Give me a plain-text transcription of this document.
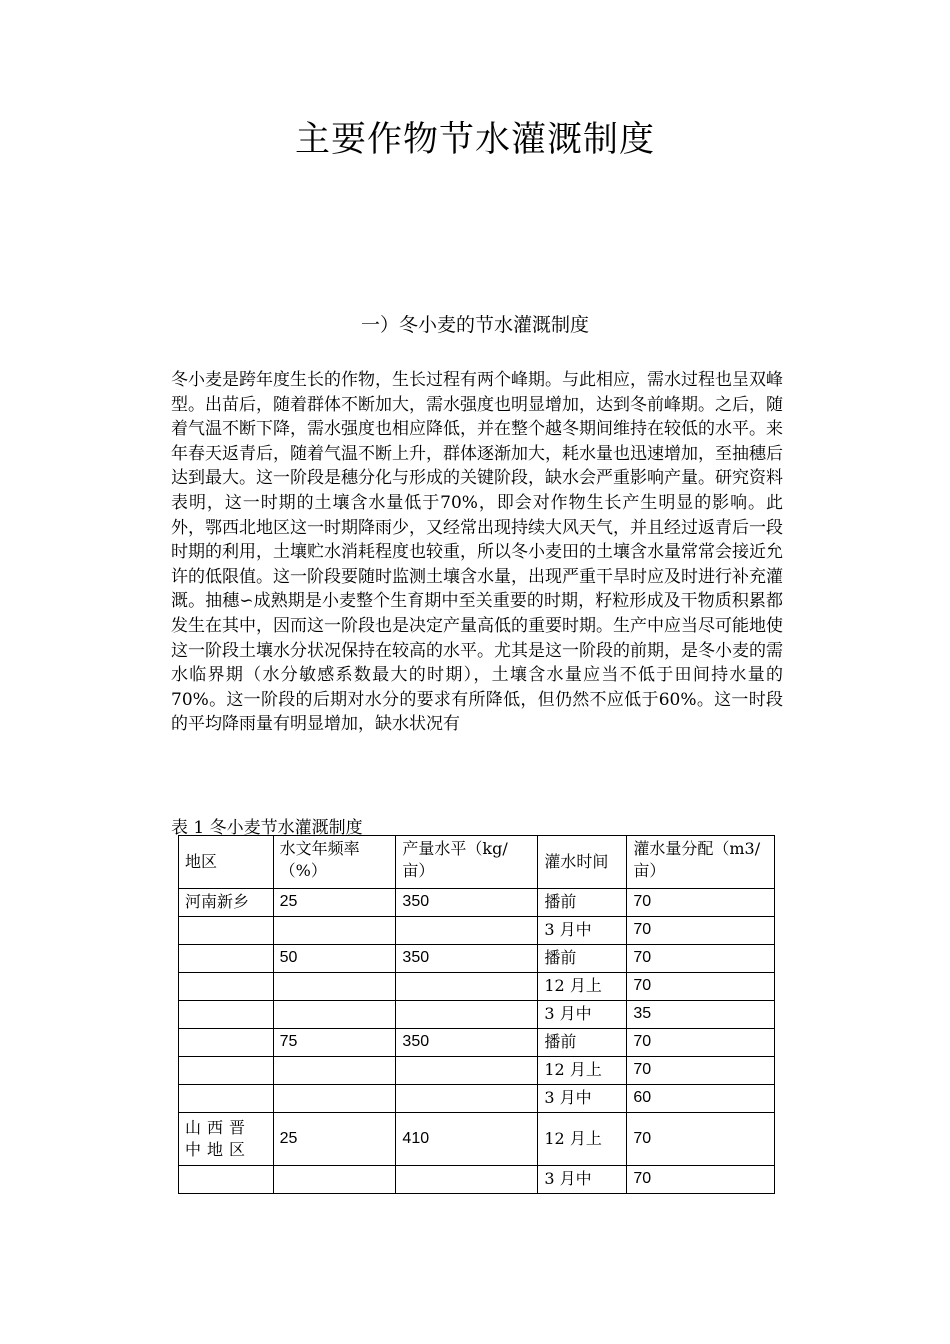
主要作物节水灌溉制度
一）冬小麦的节水灌溉制度

冬小麦是跨年度生长的作物，生长过程有两个峰期。与此相应，需水过程也呈双峰型。出苗后，随着群体不断加大，需水强度也明显增加，达到冬前峰期。之后，随着气温不断下降，需水强度也相应降低，并在整个越冬期间维持在较低的水平。来年春天返青后，随着气温不断上升，群体逐渐加大，耗水量也迅速增加，至抽穗后达到最大。这一阶段是穗分化与形成的关键阶段，缺水会严重影响产量。研究资料表明，这一时期的土壤含水量低于70%，即会对作物生长产生明显的影响。此外，鄂西北地区这一时期降雨少，又经常出现持续大风天气，并且经过返青后一段时期的利用，土壤贮水消耗程度也较重，所以冬小麦田的土壤含水量常常会接近允许的低限值。这一阶段要随时监测土壤含水量，出现严重干旱时应及时进行补充灌溉。抽穗∽成熟期是小麦整个生育期中至关重要的时期，籽粒形成及干物质积累都发生在其中，因而这一阶段也是决定产量高低的重要时期。生产中应当尽可能地使这一阶段土壤水分状况保持在较高的水平。尤其是这一阶段的前期，是冬小麦的需水临界期（水分敏感系数最大的时期），土壤含水量应当不低于田间持水量的70%。这一阶段的后期对水分的要求有所降低，但仍然不应低于60%。这一时段的平均降雨量有明显增加，缺水状况有

表 1 冬小麦节水灌溉制度

地区	水文年频率（%）	产量水平（kg/亩）	灌水时间	灌水量分配（m3/亩）
河南新乡	25	350	播前	70
			3 月中	70
	50	350	播前	70
			12 月上	70
			3 月中	35
	75	350	播前	70
			12 月上	70
			3 月中	60
山西晋中地区	25	410	12 月上	70
			3 月中	70
